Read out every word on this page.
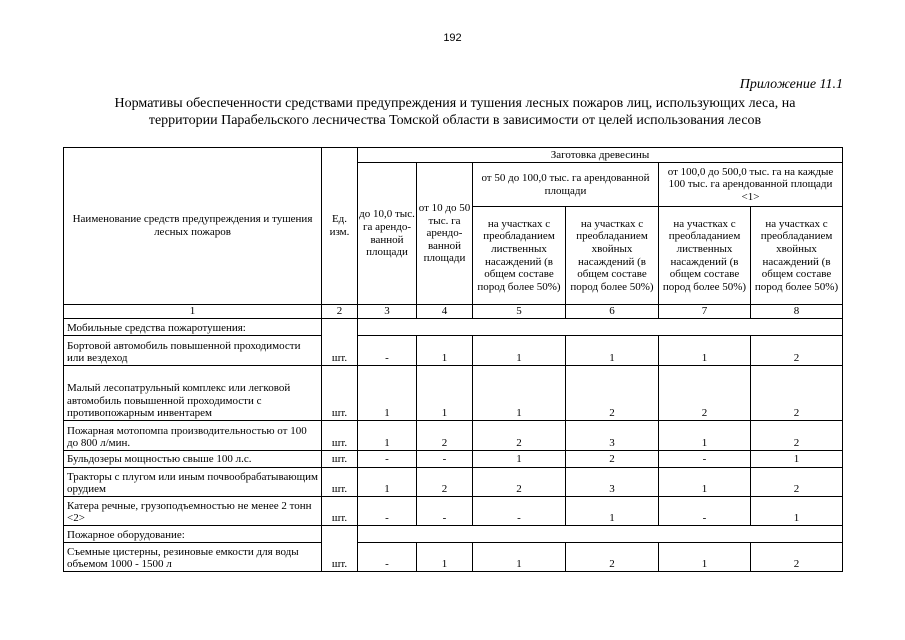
192
Приложение 11.1
Нормативы обеспеченности средствами предупреждения и тушения лесных пожаров лиц, использующих леса, на
территории Парабельского лесничества Томской области в зависимости от целей использования лесов
Наименование средств предупреждения и тушения лесных пожаров	Ед. изм.	Заготовка древесины					
		до 10,0 тыс. га арендо-ванной площади	от 10 до 50 тыс. га арендо-ванной площади	от 50 до 100,0 тыс. га арендованной площади		от 100,0 до 500,0 тыс. га на каждые 100 тыс. га арендованной площади <1>	
				на участках с преобладанием лиственных насаждений (в общем составе пород более 50%)	на участках с преобладанием хвойных насаждений (в общем составе пород более 50%)	на участках с преобладанием лиственных насаждений (в общем составе пород более 50%)	на участках с преобладанием хвойных насаждений (в общем составе пород более 50%)
1	2	3	4	5	6	7	8
Мобильные средства пожаротушения:	шт.						
Бортовой автомобиль повышенной проходимости или вездеход		-	1	1	1	1	2
Малый лесопатрульный комплекс или легковой автомобиль повышенной проходимости с противопожарным инвентарем	шт.	1	1	1	2	2	2
Пожарная мотопомпа производительностью от 100 до 800 л/мин.	шт.	1	2	2	3	1	2
Бульдозеры мощностью свыше 100 л.с.	шт.	-	-	1	2	-	1
Тракторы с плугом или иным почвообрабатывающим орудием	шт.	1	2	2	3	1	2
Катера речные, грузоподъемностью не менее 2 тонн <2>	шт.	-	-	-	1	-	1
Пожарное оборудование:	шт.						
Съемные цистерны, резиновые емкости для воды объемом 1000 - 1500 л		-	1	1	2	1	2
